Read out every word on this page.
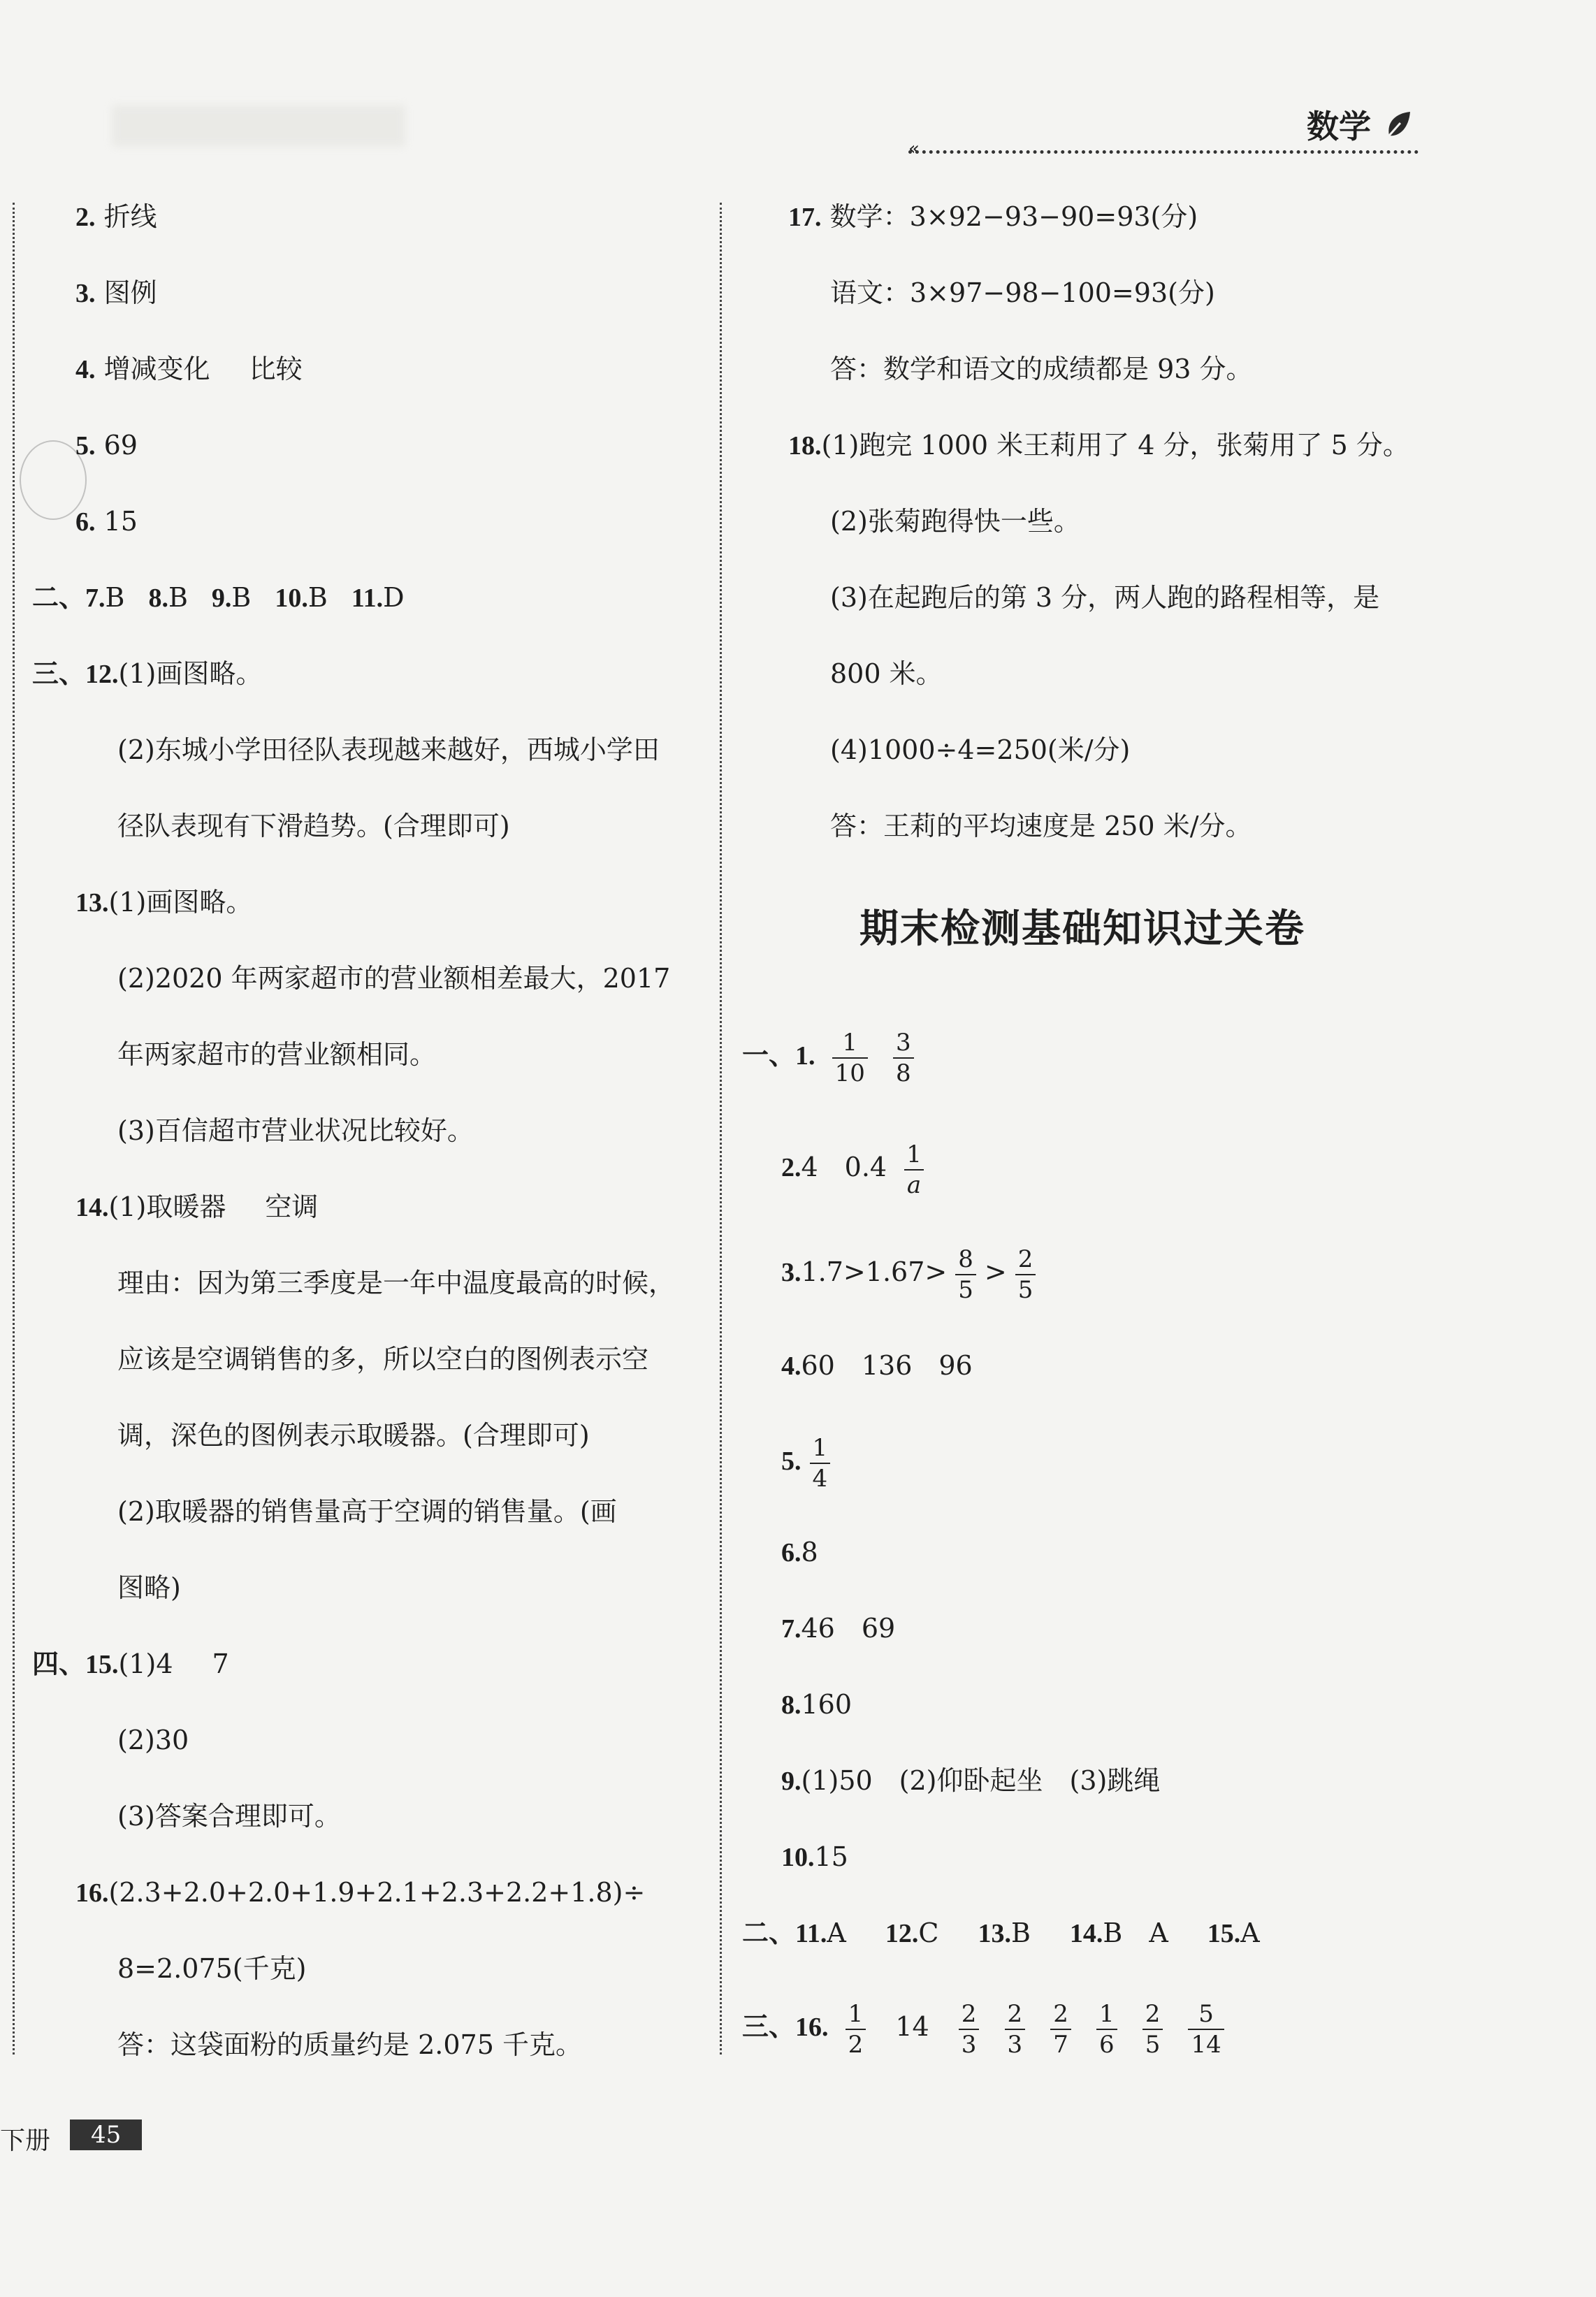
数学
«
2. 折线
3. 图例
4. 增减变化 比较
5. 69
6. 15
二、7.B 8.B 9.B 10.B 11.D
三、12.(1)画图略。
(2)东城小学田径队表现越来越好，西城小学田
径队表现有下滑趋势。(合理即可)
13.(1)画图略。
(2)2020 年两家超市的营业额相差最大，2017
年两家超市的营业额相同。
(3)百信超市营业状况比较好。
14.(1)取暖器 空调
理由：因为第三季度是一年中温度最高的时候，
应该是空调销售的多，所以空白的图例表示空
调，深色的图例表示取暖器。(合理即可)
(2)取暖器的销售量高于空调的销售量。(画
图略)
四、15.(1)4 7
(2)30
(3)答案合理即可。
16.(2.3+2.0+2.0+1.9+2.1+2.3+2.2+1.8)÷
8=2.075(千克)
答：这袋面粉的质量约是 2.075 千克。
17. 数学：3×92−93−90=93(分)
语文：3×97−98−100=93(分)
答：数学和语文的成绩都是 93 分。
18.(1)跑完 1000 米王莉用了 4 分，张菊用了 5 分。
(2)张菊跑得快一些。
(3)在起跑后的第 3 分，两人跑的路程相等，是
800 米。
(4)1000÷4=250(米/分)
答：王莉的平均速度是 250 米/分。
期末检测基础知识过关卷
一、1. $\frac{1}{10}$
$\frac{3}{8}$
2.4　$0.4 \frac{1}{a}$
$3.1.7>1.67> \frac{8}{5} > \frac{2}{5}$
4.60　136　96
5. $\frac{1}{4}$
6.8
7.46　69
8.160
9.(1)50　(2)仰卧起坐　(3)跳绳
10.15
二、11.A 12.C 13.B 14.B　A 15.A
三、16. $\frac{1}{2} 14 \frac{2}{3}$
$\frac{2}{3}$
$\frac{2}{7}$
$\frac{1}{6}$
$\frac{2}{5}$
$\frac{5}{14}$
下册	45
